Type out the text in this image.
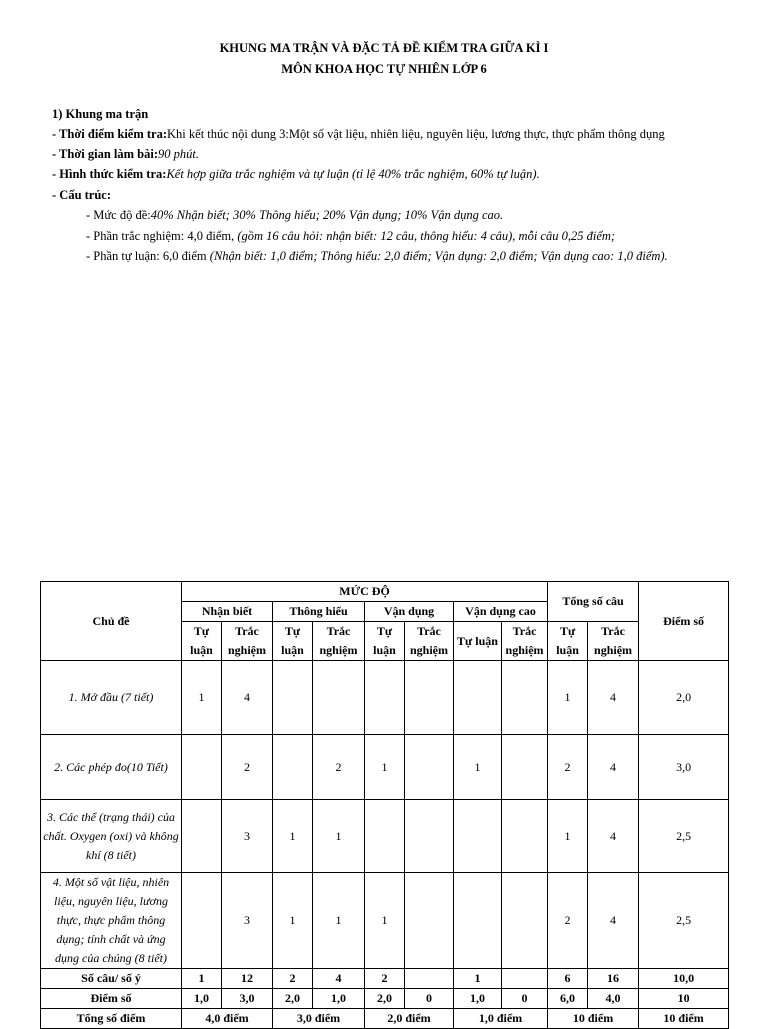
KHUNG MA TRẬN VÀ ĐẶC TẢ ĐỀ KIỂM TRA GIỮA KÌ I
MÔN KHOA HỌC TỰ NHIÊN LỚP 6
1) Khung ma trận
- Thời điểm kiểm tra:Khi kết thúc nội dung 3:Một số vật liệu, nhiên liệu, nguyên liệu, lương thực, thực phẩm thông dụng
- Thời gian làm bài:90 phút.
- Hình thức kiểm tra:Kết hợp giữa trắc nghiệm và tự luận (tỉ lệ 40% trắc nghiệm, 60% tự luận).
- Cấu trúc:
- Mức độ đề:40% Nhận biết; 30% Thông hiểu; 20% Vận dụng; 10% Vận dụng cao.
- Phần trắc nghiệm: 4,0 điểm, (gồm 16 câu hỏi: nhận biết: 12 câu, thông hiểu: 4 câu), mỗi câu 0,25 điểm;
- Phần tự luận: 6,0 điểm (Nhận biết: 1,0 điểm; Thông hiểu: 2,0 điểm; Vận dụng: 2,0 điểm; Vận dụng cao: 1,0 điểm).
Chủ đề	MỨC ĐỘ								Tổng số câu		Điểm số
	Nhận biết		Thông hiểu		Vận dụng		Vận dụng cao				
	Tự luận	Trắc nghiệm	Tự luận	Trắc nghiệm	Tự luận	Trắc nghiệm	Tự luận	Trắc nghiệm	Tự luận	Trắc nghiệm	
1. Mở đầu (7 tiết)	1	4							1	4	2,0
2. Các phép đo(10 Tiết)		2		2	1		1		2	4	3,0
3. Các thể (trạng thái) của chất. Oxygen (oxi) và không khí (8 tiết)		3	1	1					1	4	2,5
4. Một số vật liệu, nhiên liệu, nguyên liệu, lương thực, thực phẩm thông dụng; tính chất và ứng dụng của chúng (8 tiết)		3	1	1	1				2	4	2,5
Số câu/ số ý	1	12	2	4	2		1		6	16	10,0
Điểm số	1,0	3,0	2,0	1,0	2,0	0	1,0	0	6,0	4,0	10
Tổng số điểm	4,0 điểm		3,0 điểm		2,0 điểm		1,0 điểm		10 điểm		10 điểm
